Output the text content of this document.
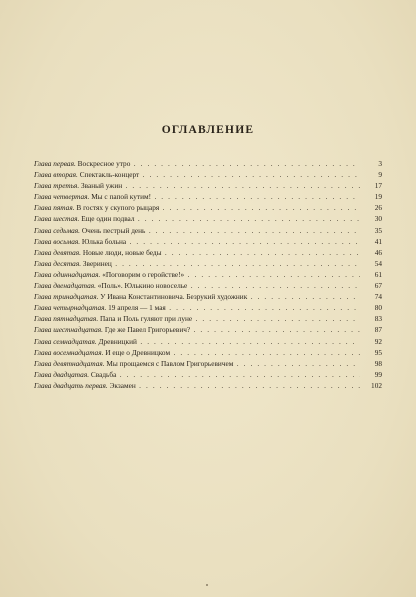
ОГЛАВЛЕНИЕ
Глава первая. Воскресное утро . . .	3
Глава вторая. Спектакль-концерт . . .	9
Глава третья. Званый ужин . . .	17
Глава четвертая. Мы с папой кутим! . . .	19
Глава пятая. В гостях у скупого рыцаря . . .	26
Глава шестая. Еще один подвал . . .	30
Глава седьмая. Очень пестрый день . . .	35
Глава восьмая. Юлька больна . . .	41
Глава девятая. Новые люди, новые беды . . .	46
Глава десятая. Зверинец . . .	54
Глава одиннадцатая. «Поговорим о геройстве!» . . .	61
Глава двенадцатая. «Поль». Юлькино новоселье . . .	67
Глава тринадцатая. У Ивана Константиновича. Безрукий художник . . .	74
Глава четырнадцатая. 19 апреля — 1 мая . . .	80
Глава пятнадцатая. Папа и Поль гуляют при луне . . .	83
Глава шестнадцатая. Где же Павел Григорьевич? . . .	87
Глава семнадцатая. Древницкий . . .	92
Глава восемнадцатая. И еще о Древницком . . .	95
Глава девятнадцатая. Мы прощаемся с Павлом Григорьевичем . . .	98
Глава двадцатая. Свадьба . . .	99
Глава двадцать первая. Экзамен . . .	102
